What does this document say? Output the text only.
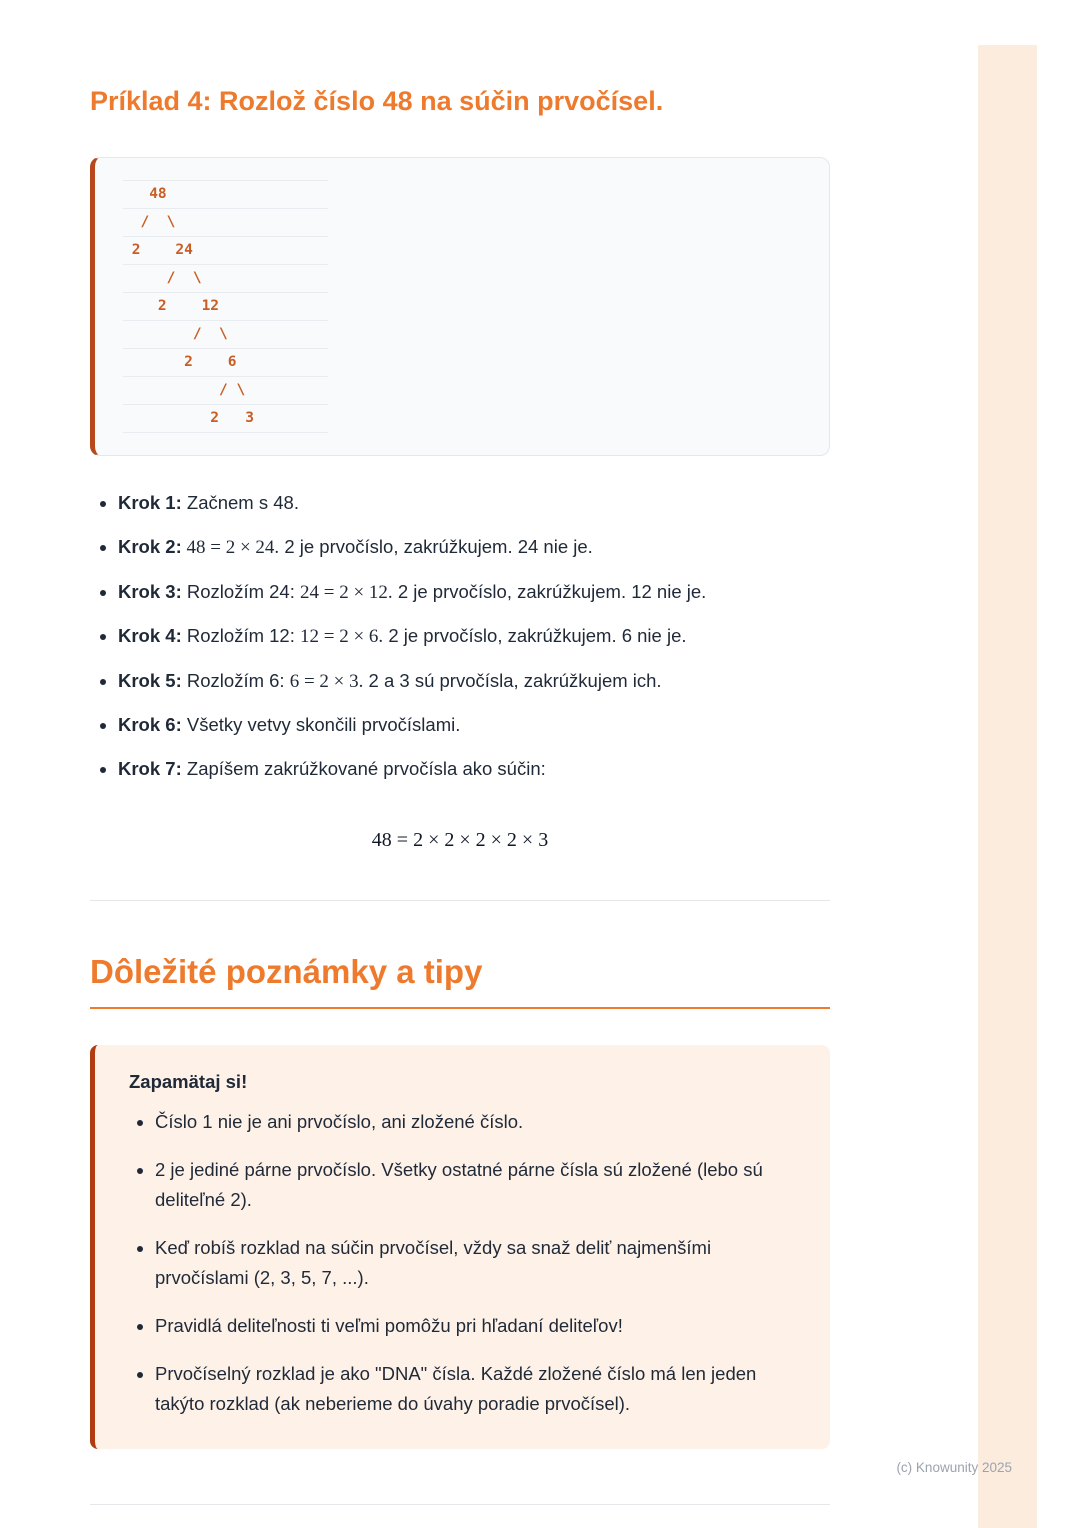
Príklad 4: Rozlož číslo 48 na súčin prvočísel.
48
/  \
2    24
/  \
2    12
/  \
2    6
/ \
2   3
• Krok 1: Začnem s 48.
• Krok 2: 48 = 2 × 24. 2 je prvočíslo, zakrúžkujem. 24 nie je.
• Krok 3: Rozložím 24: 24 = 2 × 12. 2 je prvočíslo, zakrúžkujem. 12 nie je.
• Krok 4: Rozložím 12: 12 = 2 × 6. 2 je prvočíslo, zakrúžkujem. 6 nie je.
• Krok 5: Rozložím 6: 6 = 2 × 3. 2 a 3 sú prvočísla, zakrúžkujem ich.
• Krok 6: Všetky vetvy skončili prvočíslami.
• Krok 7: Zapíšem zakrúžkované prvočísla ako súčin:
48 = 2 × 2 × 2 × 2 × 3
Dôležité poznámky a tipy

Zapamätaj si!

• Číslo 1 nie je ani prvočíslo, ani zložené číslo.
• 2 je jediné párne prvočíslo. Všetky ostatné párne čísla sú zložené (lebo sú deliteľné 2).
• Keď robíš rozklad na súčin prvočísel, vždy sa snaž deliť najmenšími prvočíslami (2, 3, 5, 7, ...).
• Pravidlá deliteľnosti ti veľmi pomôžu pri hľadaní deliteľov!
• Prvočíselný rozklad je ako "DNA" čísla. Každé zložené číslo má len jeden takýto rozklad (ak neberieme do úvahy poradie prvočísel).
(c) Knowunity 2025
